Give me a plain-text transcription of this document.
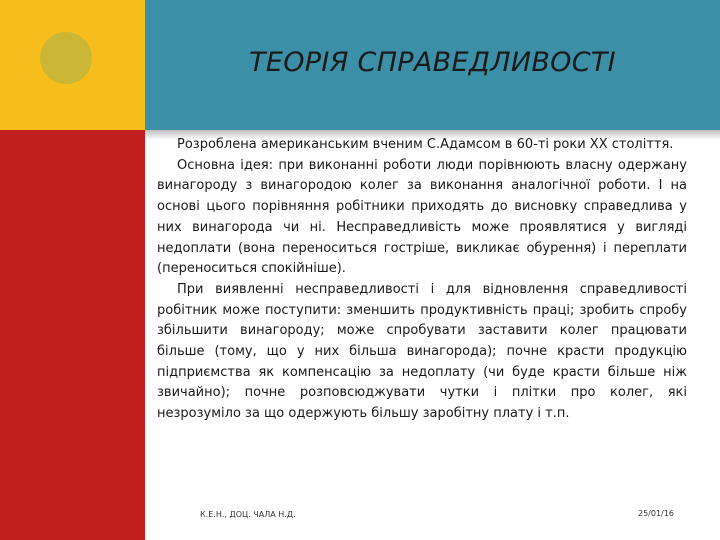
ТЕОРІЯ СПРАВЕДЛИВОСТІ

Розроблена американським вченим С.Адамсом в 60-ті роки XX століття.

Основна ідея: при виконанні роботи люди порівнюють власну одержану винагороду з винагородою колег за виконання аналогічної роботи. І на основі цього порівняння робітники приходять до висновку справедлива у них винагорода чи ні. Несправедливість може проявлятися у вигляді недоплати (вона переноситься гостріше, викликає обурення) і переплати (переноситься спокійніше).

При виявленні несправедливості і для відновлення справедливості робітник може поступити: зменшить продуктивність праці; зробить спробу збільшити винагороду; може спробувати заставити колег працювати більше (тому, що у них більша винагорода); почне красти продукцію підприємства як компенсацію за недоплату (чи буде красти більше ніж звичайно); почне розповсюджувати чутки і плітки про колег, які незрозуміло за що одержують більшу заробітну плату і т.п.

К.Е.Н., ДОЦ. ЧАЛА Н.Д.	25/01/16
